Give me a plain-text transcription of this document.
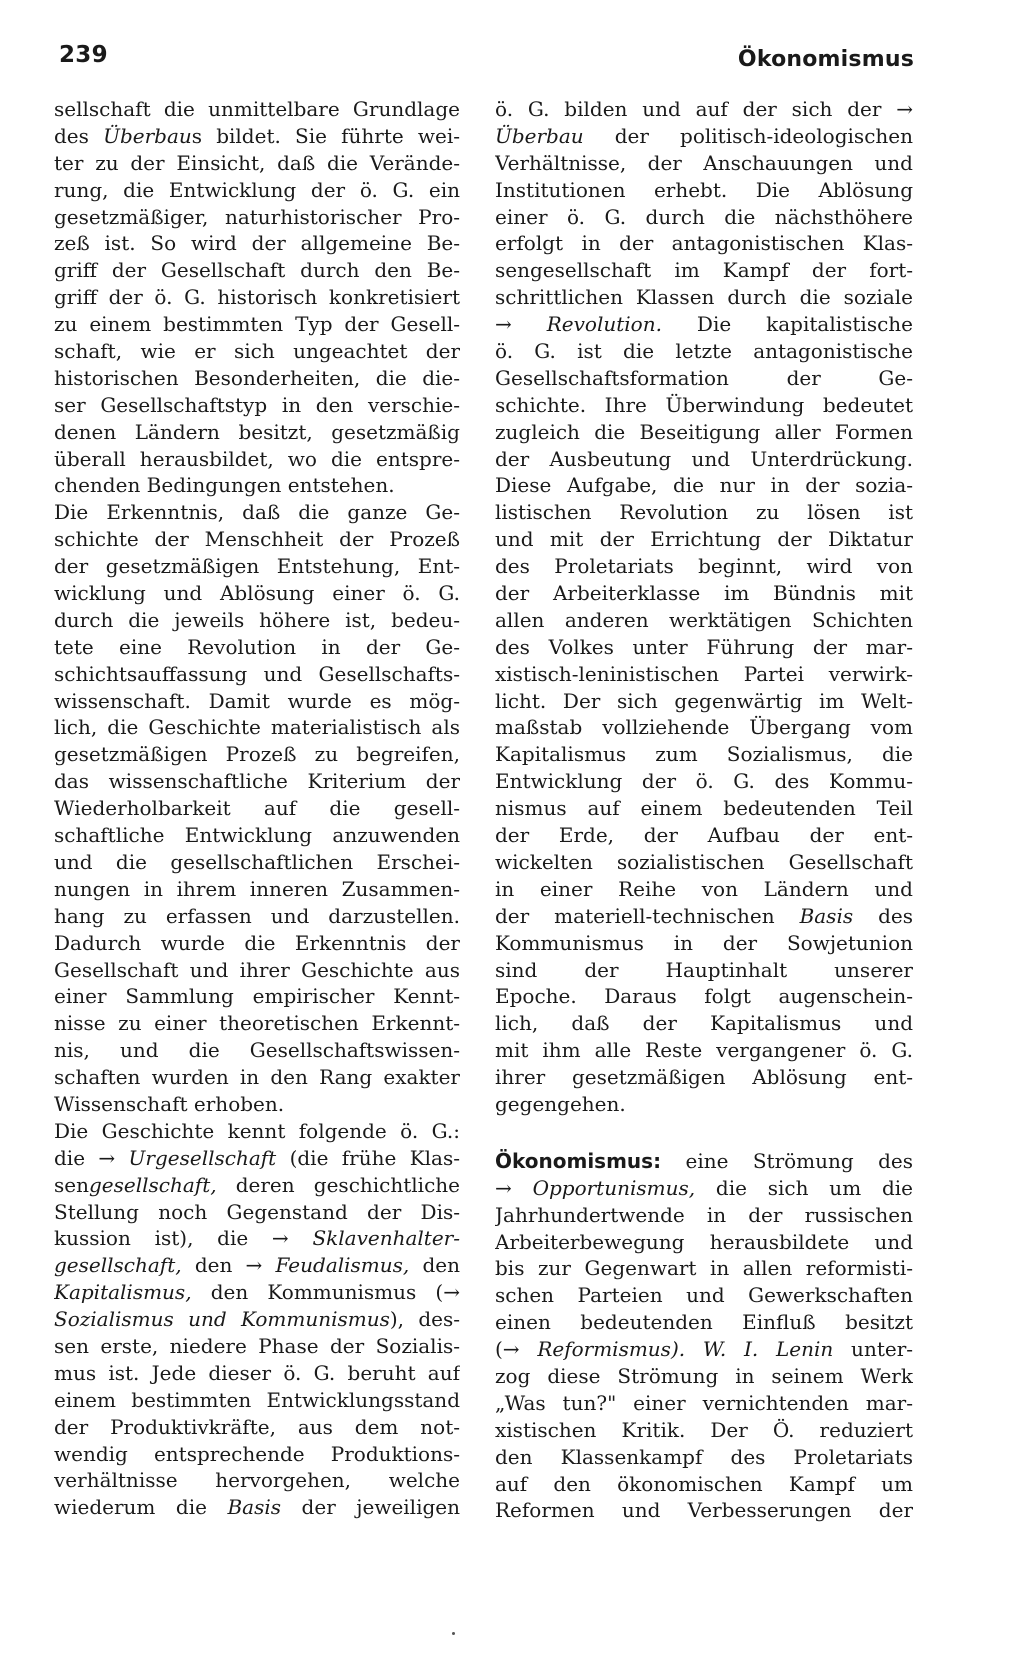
239	Ökonomismus
sellschaft die unmittelbare Grundlage
des Überbaus bildet. Sie führte wei-
ter zu der Einsicht, daß die Verände-
rung, die Entwicklung der ö. G. ein
gesetzmäßiger, naturhistorischer Pro-
zeß ist. So wird der allgemeine Be-
griff der Gesellschaft durch den Be-
griff der ö. G. historisch konkretisiert
zu einem bestimmten Typ der Gesell-
schaft, wie er sich ungeachtet der
historischen Besonderheiten, die die-
ser Gesellschaftstyp in den verschie-
denen Ländern besitzt, gesetzmäßig
überall herausbildet, wo die entspre-
chenden Bedingungen entstehen.
Die Erkenntnis, daß die ganze Ge-
schichte der Menschheit der Prozeß
der gesetzmäßigen Entstehung, Ent-
wicklung und Ablösung einer ö. G.
durch die jeweils höhere ist, bedeu-
tete eine Revolution in der Ge-
schichtsauffassung und Gesellschafts-
wissenschaft. Damit wurde es mög-
lich, die Geschichte materialistisch als
gesetzmäßigen Prozeß zu begreifen,
das wissenschaftliche Kriterium der
Wiederholbarkeit auf die gesell-
schaftliche Entwicklung anzuwenden
und die gesellschaftlichen Erschei-
nungen in ihrem inneren Zusammen-
hang zu erfassen und darzustellen.
Dadurch wurde die Erkenntnis der
Gesellschaft und ihrer Geschichte aus
einer Sammlung empirischer Kennt-
nisse zu einer theoretischen Erkennt-
nis, und die Gesellschaftswissen-
schaften wurden in den Rang exakter
Wissenschaft erhoben.
Die Geschichte kennt folgende ö. G.:
die → Urgesellschaft (die frühe Klas-
sengesellschaft, deren geschichtliche
Stellung noch Gegenstand der Dis-
kussion ist), die → Sklavenhalter-
gesellschaft, den → Feudalismus, den
Kapitalismus, den Kommunismus (→
Sozialismus und Kommunismus), des-
sen erste, niedere Phase der Sozialis-
mus ist. Jede dieser ö. G. beruht auf
einem bestimmten Entwicklungsstand
der Produktivkräfte, aus dem not-
wendig entsprechende Produktions-
verhältnisse hervorgehen, welche
wiederum die Basis der jeweiligen
ö. G. bilden und auf der sich der →
Überbau der politisch-ideologischen
Verhältnisse, der Anschauungen und
Institutionen erhebt. Die Ablösung
einer ö. G. durch die nächsthöhere
erfolgt in der antagonistischen Klas-
sengesellschaft im Kampf der fort-
schrittlichen Klassen durch die soziale
→ Revolution. Die kapitalistische
ö. G. ist die letzte antagonistische
Gesellschaftsformation der Ge-
schichte. Ihre Überwindung bedeutet
zugleich die Beseitigung aller Formen
der Ausbeutung und Unterdrückung.
Diese Aufgabe, die nur in der sozia-
listischen Revolution zu lösen ist
und mit der Errichtung der Diktatur
des Proletariats beginnt, wird von
der Arbeiterklasse im Bündnis mit
allen anderen werktätigen Schichten
des Volkes unter Führung der mar-
xistisch-leninistischen Partei verwirk-
licht. Der sich gegenwärtig im Welt-
maßstab vollziehende Übergang vom
Kapitalismus zum Sozialismus, die
Entwicklung der ö. G. des Kommu-
nismus auf einem bedeutenden Teil
der Erde, der Aufbau der ent-
wickelten sozialistischen Gesellschaft
in einer Reihe von Ländern und
der materiell-technischen Basis des
Kommunismus in der Sowjetunion
sind der Hauptinhalt unserer
Epoche. Daraus folgt augenschein-
lich, daß der Kapitalismus und
mit ihm alle Reste vergangener ö. G.
ihrer gesetzmäßigen Ablösung ent-
gegengehen.
Ökonomismus: eine Strömung des
→ Opportunismus, die sich um die
Jahrhundertwende in der russischen
Arbeiterbewegung herausbildete und
bis zur Gegenwart in allen reformisti-
schen Parteien und Gewerkschaften
einen bedeutenden Einfluß besitzt
(→ Reformismus). W. I. Lenin unter-
zog diese Strömung in seinem Werk
„Was tun?" einer vernichtenden mar-
xistischen Kritik. Der Ö. reduziert
den Klassenkampf des Proletariats
auf den ökonomischen Kampf um
Reformen und Verbesserungen der
